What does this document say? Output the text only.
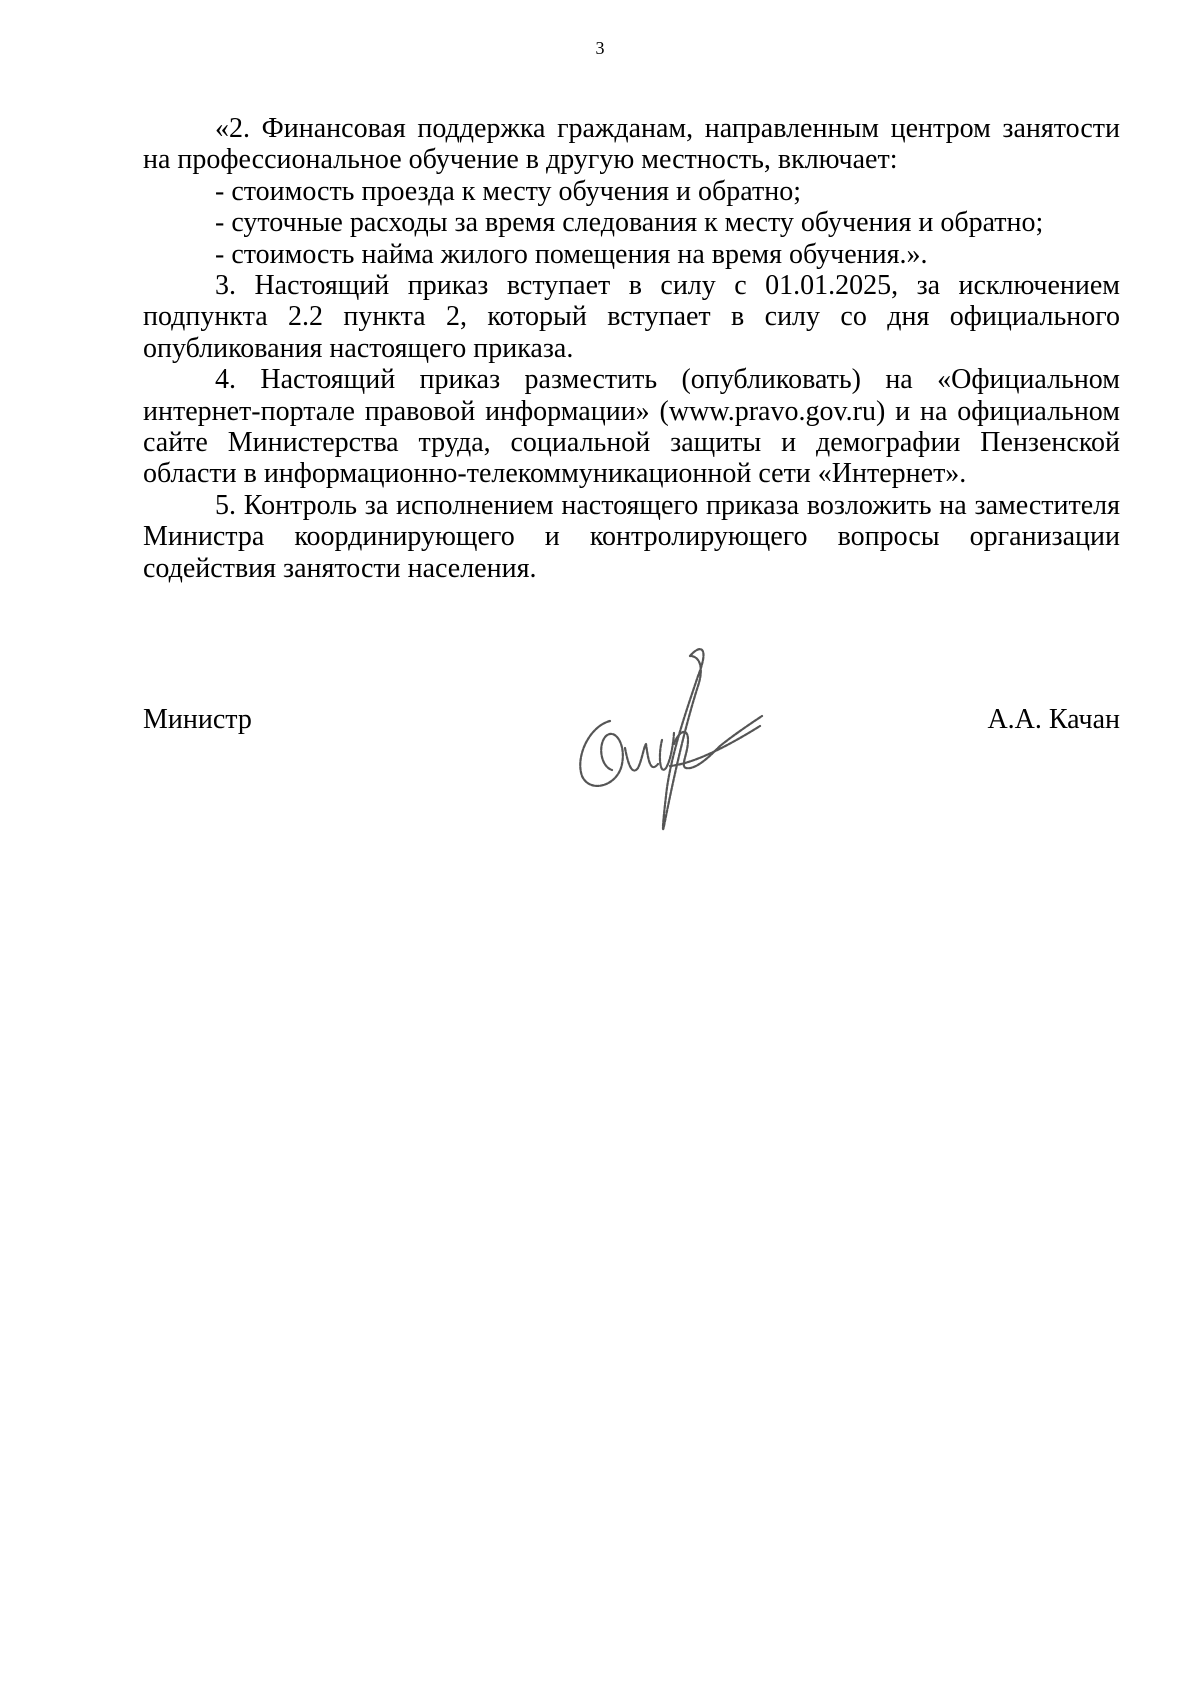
3

«2. Финансовая поддержка гражданам, направленным центром занятости на профессиональное обучение в другую местность, включает:

- стоимость проезда к месту обучения и обратно;

- суточные расходы за время следования к месту обучения и обратно;

- стоимость найма жилого помещения на время обучения.».

3. Настоящий приказ вступает в силу с 01.01.2025, за исключением подпункта 2.2 пункта 2, который вступает в силу со дня официального опубликования настоящего приказа.

4. Настоящий приказ разместить (опубликовать) на «Официальном интернет-портале правовой информации» (www.pravo.gov.ru) и на официальном сайте Министерства труда, социальной защиты и демографии Пензенской области в информационно-телекоммуникационной сети «Интернет».

5. Контроль за исполнением настоящего приказа возложить на заместителя Министра координирующего и контролирующего вопросы организации содействия занятости населения.

Министр	А.А. Качан
